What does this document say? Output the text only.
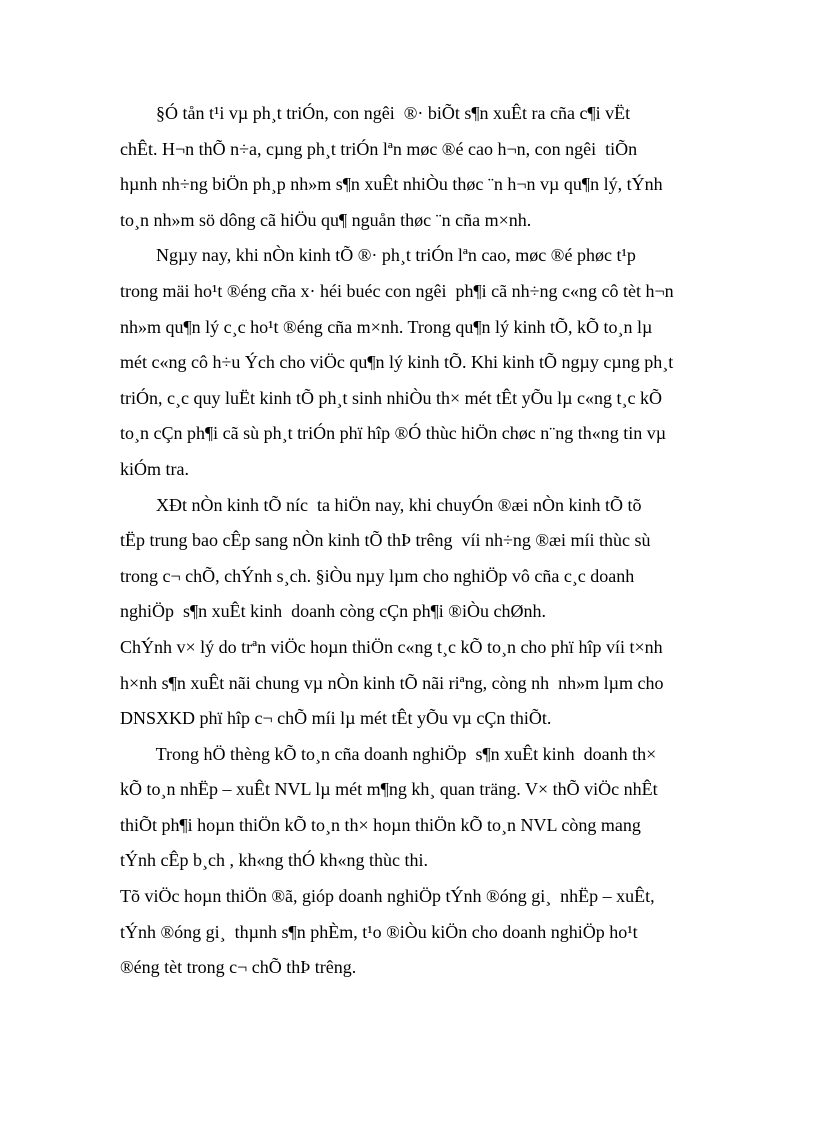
§Ó tån t¹i vµ ph¸t triÓn, con ngêi  ®· biÕt s¶n xuÊt ra cña c¶i vËt
chÊt. H¬n thÕ n÷a, cµng ph¸t triÓn lªn møc ®é cao h¬n, con ngêi  tiÕn
hµnh nh÷ng biÖn ph¸p nh»m s¶n xuÊt nhiÒu thøc ¨n h¬n vµ qu¶n lý, tÝnh
to¸n nh»m sö dông cã hiÖu qu¶ nguån thøc ¨n cña m×nh.
Ngµy nay, khi nÒn kinh tÕ ®· ph¸t triÓn lªn cao, møc ®é phøc t¹p
trong mäi ho¹t ®éng cña x· héi buéc con ngêi  ph¶i cã nh÷ng c«ng cô tèt h¬n
nh»m qu¶n lý c¸c ho¹t ®éng cña m×nh. Trong qu¶n lý kinh tÕ, kÕ to¸n lµ
mét c«ng cô h÷u Ých cho viÖc qu¶n lý kinh tÕ. Khi kinh tÕ ngµy cµng ph¸t
triÓn, c¸c quy luËt kinh tÕ ph¸t sinh nhiÒu th× mét tÊt yÕu lµ c«ng t¸c kÕ
to¸n cÇn ph¶i cã sù ph¸t triÓn phï hîp ®Ó thùc hiÖn chøc n¨ng th«ng tin vµ
kiÓm tra.
XÐt nÒn kinh tÕ níc  ta hiÖn nay, khi chuyÓn ®æi nÒn kinh tÕ tõ
tËp trung bao cÊp sang nÒn kinh tÕ thÞ trêng  víi nh÷ng ®æi míi thùc sù
trong c¬ chÕ, chÝnh s¸ch. §iÒu nµy lµm cho nghiÖp vô cña c¸c doanh
nghiÖp  s¶n xuÊt kinh  doanh còng cÇn ph¶i ®iÒu chØnh.
ChÝnh v× lý do trªn viÖc hoµn thiÖn c«ng t¸c kÕ to¸n cho phï hîp víi t×nh
h×nh s¶n xuÊt nãi chung vµ nÒn kinh tÕ nãi riªng, còng nh  nh»m lµm cho
DNSXKD phï hîp c¬ chÕ míi lµ mét tÊt yÕu vµ cÇn thiÕt.
Trong hÖ thèng kÕ to¸n cña doanh nghiÖp  s¶n xuÊt kinh  doanh th×
kÕ to¸n nhËp – xuÊt NVL lµ mét m¶ng kh¸ quan träng. V× thÕ viÖc nhÊt
thiÕt ph¶i hoµn thiÖn kÕ to¸n th× hoµn thiÖn kÕ to¸n NVL còng mang
tÝnh cÊp b¸ch , kh«ng thÓ kh«ng thùc thi.
Tõ viÖc hoµn thiÖn ®ã, gióp doanh nghiÖp tÝnh ®óng gi¸  nhËp – xuÊt,
tÝnh ®óng gi¸  thµnh s¶n phÈm, t¹o ®iÒu kiÖn cho doanh nghiÖp ho¹t
®éng tèt trong c¬ chÕ thÞ trêng.
